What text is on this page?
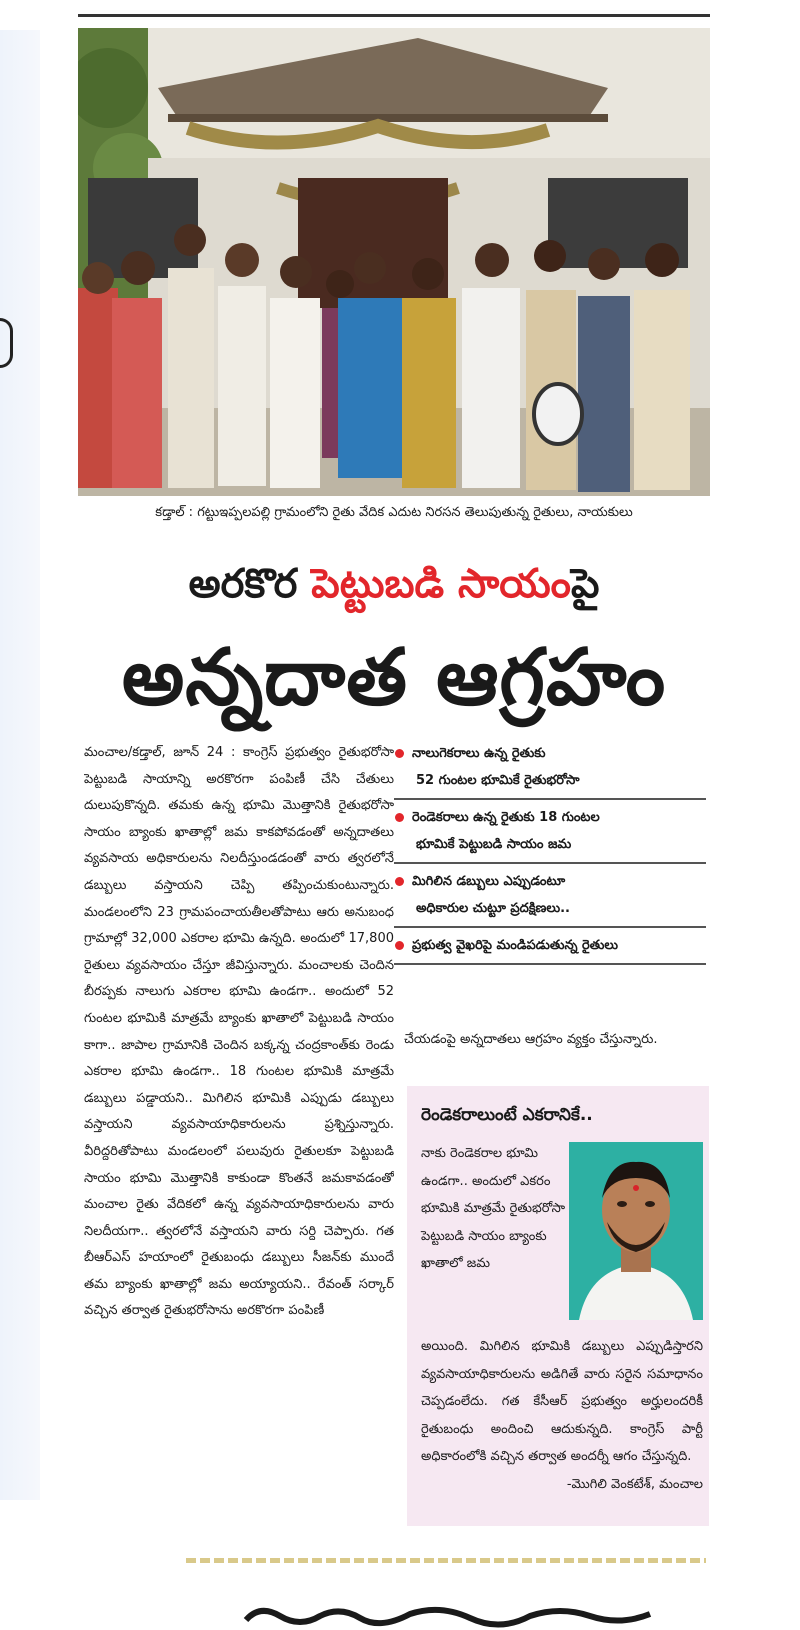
కడ్తాల్ : గట్టుఇప్పలపల్లి గ్రామంలోని రైతు వేదిక ఎదుట నిరసన తెలుపుతున్న రైతులు, నాయకులు
అరకొర పెట్టుబడి సాయంపై
అన్నదాత ఆగ్రహం
మంచాల/కడ్తాల్, జూన్ 24 : కాంగ్రెస్ ప్రభుత్వం రైతుభరోసా పెట్టుబడి సాయాన్ని అరకొరగా పంపిణీ చేసి చేతులు దులుపుకొన్నది. తమకు ఉన్న భూమి మొత్తానికి రైతుభరోసా సాయం బ్యాంకు ఖాతాల్లో జమ కాకపోవడంతో అన్నదాతలు వ్యవసాయ అధికారులను నిలదీస్తుండడంతో వారు త్వరలోనే డబ్బులు వస్తాయని చెప్పి తప్పించుకుంటున్నారు. మండలంలోని 23 గ్రామపంచాయతీలతోపాటు ఆరు అనుబంధ గ్రామాల్లో 32,000 ఎకరాల భూమి ఉన్నది. అందులో 17,800 రైతులు వ్యవసాయం చేస్తూ జీవిస్తున్నారు. మంచాలకు చెందిన బీరప్పకు నాలుగు ఎకరాల భూమి ఉండగా.. అందులో 52 గుంటల భూమికి మాత్రమే బ్యాంకు ఖాతాలో పెట్టుబడి సాయం కాగా.. జాపాల గ్రామానికి చెందిన బక్కన్న చంద్రకాంత్‌కు రెండు ఎకరాల భూమి ఉండగా.. 18 గుంటల భూమికి మాత్రమే డబ్బులు పడ్డాయని.. మిగిలిన భూమికి ఎప్పుడు డబ్బులు వస్తాయని వ్యవసాయాధికారులను ప్రశ్నిస్తున్నారు. వీరిద్దరితోపాటు మండలంలో పలువురు రైతులకూ పెట్టుబడి సాయం భూమి మొత్తానికి కాకుండా కొంతనే జమకావడంతో మంచాల రైతు వేదికలో ఉన్న వ్యవసాయాధికారులను వారు నిలదీయగా.. త్వరలోనే వస్తాయని వారు సర్ది చెప్పారు. గత బీఆర్‌ఎస్ హయాంలో రైతుబంధు డబ్బులు సీజన్‌కు ముందే తమ బ్యాంకు ఖాతాల్లో జమ అయ్యాయని.. రేవంత్ సర్కార్ వచ్చిన తర్వాత రైతుభరోసాను అరకొరగా పంపిణీ
నాలుగెకరాలు ఉన్న రైతుకు
52 గుంటల భూమికే రైతుభరోసా
రెండెకరాలు ఉన్న రైతుకు 18 గుంటల
భూమికే పెట్టుబడి సాయం జమ
మిగిలిన డబ్బులు ఎప్పుడంటూ
అధికారుల చుట్టూ ప్రదక్షిణలు..
ప్రభుత్వ వైఖరిపై మండిపడుతున్న రైతులు
చేయడంపై అన్నదాతలు ఆగ్రహం వ్యక్తం చేస్తున్నారు.
రెండెకరాలుంటే ఎకరానికే..
నాకు రెండెకరాల భూమి ఉండగా.. అందులో ఎకరం భూమికి మాత్రమే రైతుభరోసా పెట్టుబడి సాయం బ్యాంకు ఖాతాలో జమ
అయింది. మిగిలిన భూమికి డబ్బులు ఎప్పుడిస్తారని వ్యవసాయాధికారులను అడిగితే వారు సరైన సమాధానం చెప్పడంలేదు. గత కేసీఆర్ ప్రభుత్వం అర్హులందరికీ రైతుబంధు అందించి ఆదుకున్నది. కాంగ్రెస్ పార్టీ అధికారంలోకి వచ్చిన తర్వాత అందర్నీ ఆగం చేస్తున్నది.
-మొగిలి వెంకటేశ్, మంచాల
